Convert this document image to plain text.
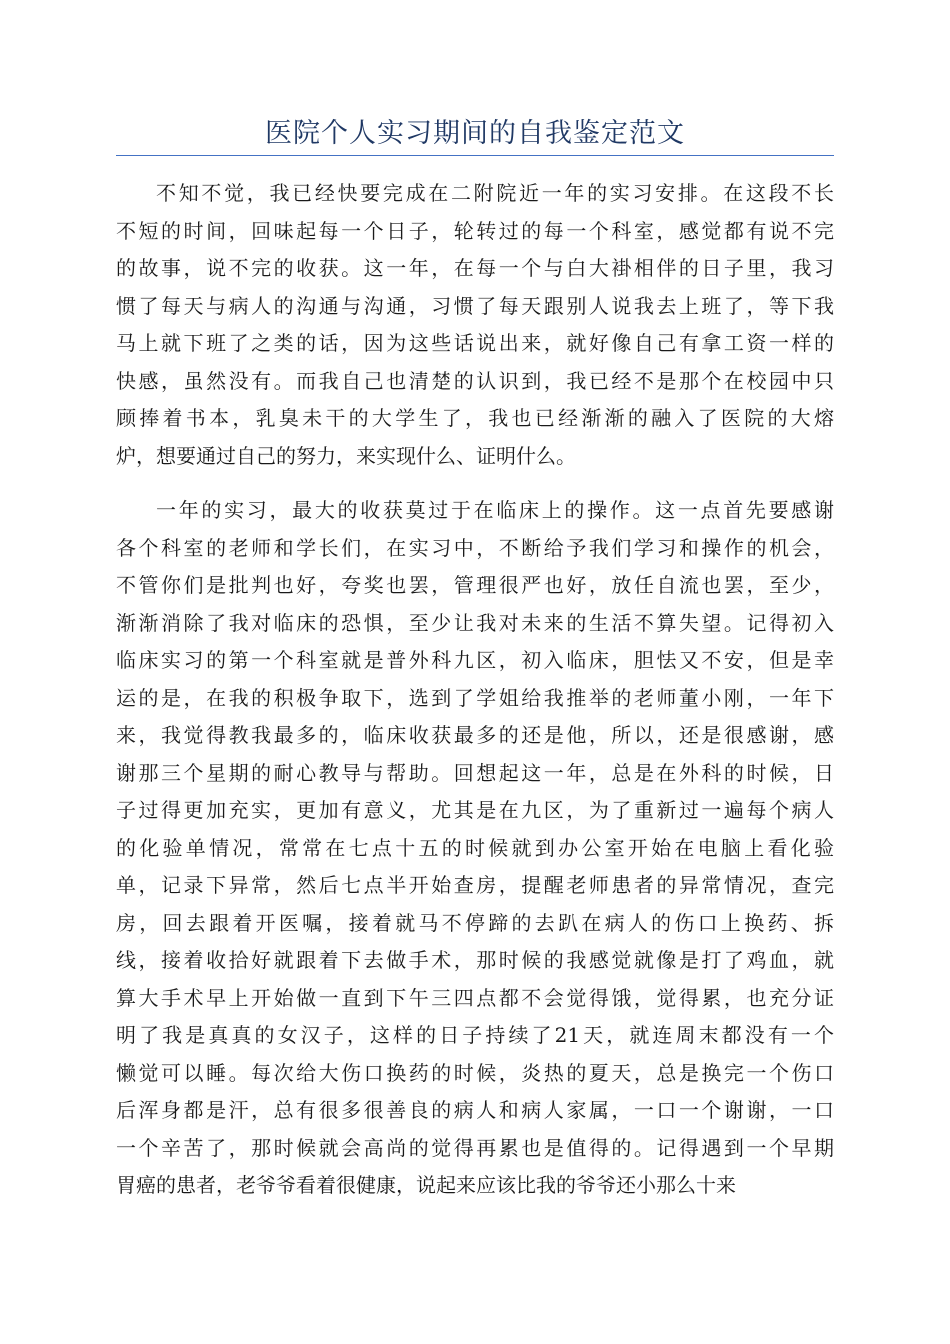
医院个人实习期间的自我鉴定范文
不知不觉，我已经快要完成在二附院近一年的实习安排。在这段不长
不短的时间，回味起每一个日子，轮转过的每一个科室，感觉都有说不完
的故事，说不完的收获。这一年，在每一个与白大褂相伴的日子里，我习
惯了每天与病人的沟通与沟通，习惯了每天跟别人说我去上班了，等下我
马上就下班了之类的话，因为这些话说出来，就好像自己有拿工资一样的
快感，虽然没有。而我自己也清楚的认识到，我已经不是那个在校园中只
顾捧着书本，乳臭未干的大学生了，我也已经渐渐的融入了医院的大熔
炉，想要通过自己的努力，来实现什么、证明什么。
一年的实习，最大的收获莫过于在临床上的操作。这一点首先要感谢
各个科室的老师和学长们，在实习中，不断给予我们学习和操作的机会，
不管你们是批判也好，夸奖也罢，管理很严也好，放任自流也罢，至少，
渐渐消除了我对临床的恐惧，至少让我对未来的生活不算失望。记得初入
临床实习的第一个科室就是普外科九区，初入临床，胆怯又不安，但是幸
运的是，在我的积极争取下，选到了学姐给我推举的老师董小刚，一年下
来，我觉得教我最多的，临床收获最多的还是他，所以，还是很感谢，感
谢那三个星期的耐心教导与帮助。回想起这一年，总是在外科的时候，日
子过得更加充实，更加有意义，尤其是在九区，为了重新过一遍每个病人
的化验单情况，常常在七点十五的时候就到办公室开始在电脑上看化验
单，记录下异常，然后七点半开始查房，提醒老师患者的异常情况，查完
房，回去跟着开医嘱，接着就马不停蹄的去趴在病人的伤口上换药、拆
线，接着收拾好就跟着下去做手术，那时候的我感觉就像是打了鸡血，就
算大手术早上开始做一直到下午三四点都不会觉得饿，觉得累，也充分证
明了我是真真的女汉子，这样的日子持续了21天，就连周末都没有一个
懒觉可以睡。每次给大伤口换药的时候，炎热的夏天，总是换完一个伤口
后浑身都是汗，总有很多很善良的病人和病人家属，一口一个谢谢，一口
一个辛苦了，那时候就会高尚的觉得再累也是值得的。记得遇到一个早期
胃癌的患者，老爷爷看着很健康，说起来应该比我的爷爷还小那么十来
